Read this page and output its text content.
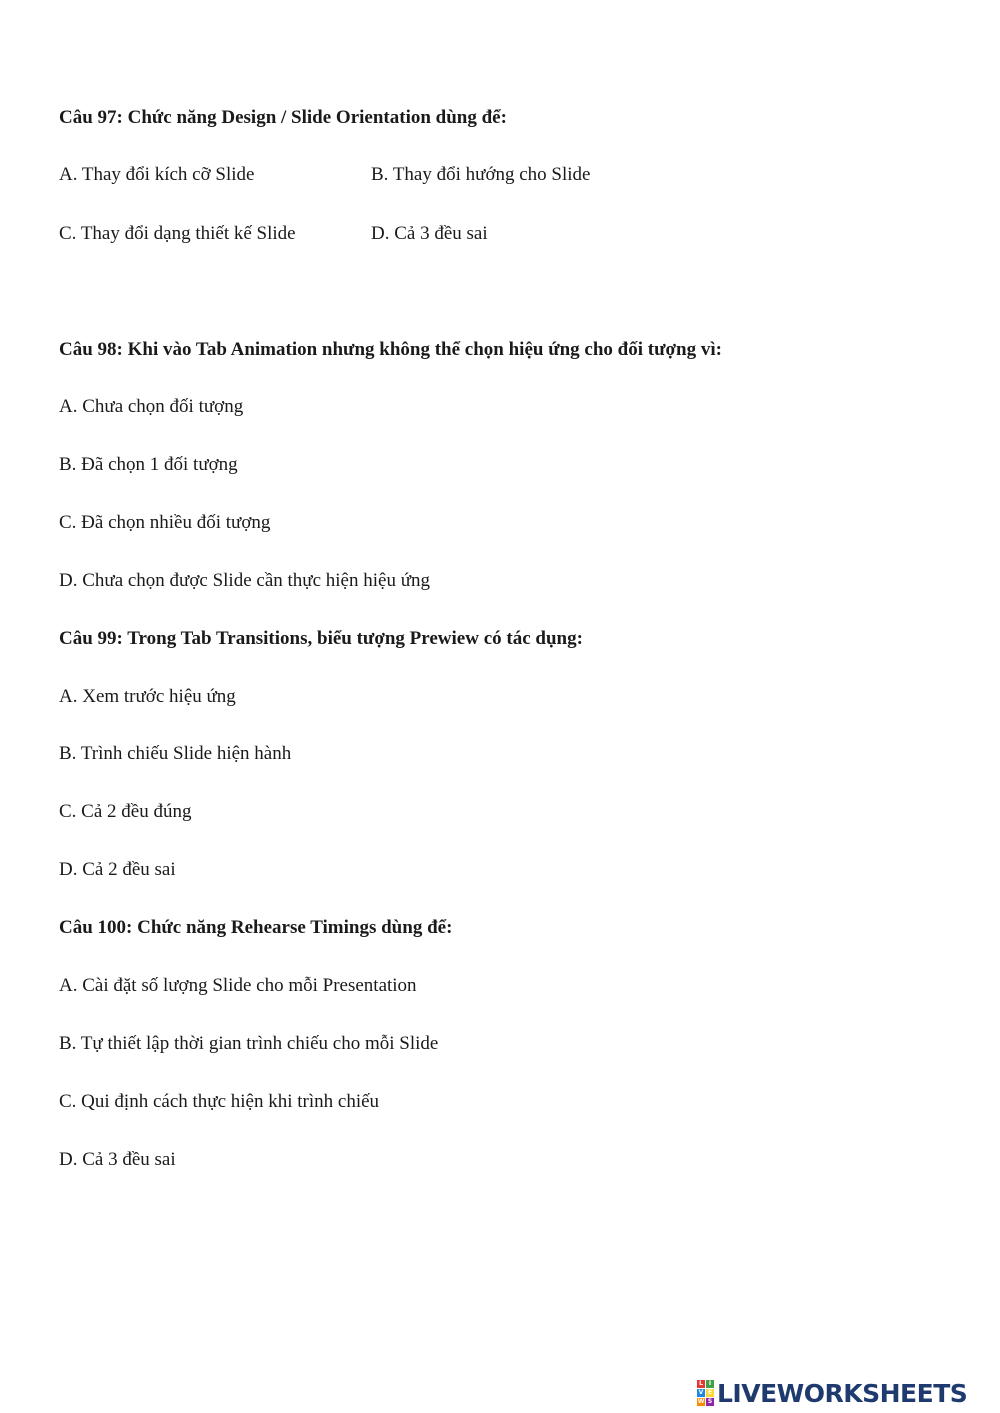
Câu 97: Chức năng Design / Slide Orientation dùng để:
A. Thay đổi kích cỡ Slide	B. Thay đổi hướng cho Slide
C. Thay đổi dạng thiết kế Slide	D. Cả 3 đều sai
Câu 98: Khi vào Tab Animation nhưng không thể chọn hiệu ứng cho đối tượng vì:
A. Chưa chọn đối tượng
B. Đã chọn 1 đối tượng
C. Đã chọn nhiều đối tượng
D. Chưa chọn được Slide cần thực hiện hiệu ứng
Câu 99: Trong Tab Transitions, biểu tượng Prewiew có tác dụng:
A. Xem trước hiệu ứng
B. Trình chiếu Slide hiện hành
C. Cả 2 đều đúng
D. Cả 2 đều sai
Câu 100: Chức năng Rehearse Timings dùng để:
A. Cài đặt số lượng Slide cho mỗi Presentation
B. Tự thiết lập thời gian trình chiếu cho mỗi Slide
C. Qui định cách thực hiện khi trình chiếu
D. Cả 3 đều sai
L I
V E
W S LIVEWORKSHEETS
